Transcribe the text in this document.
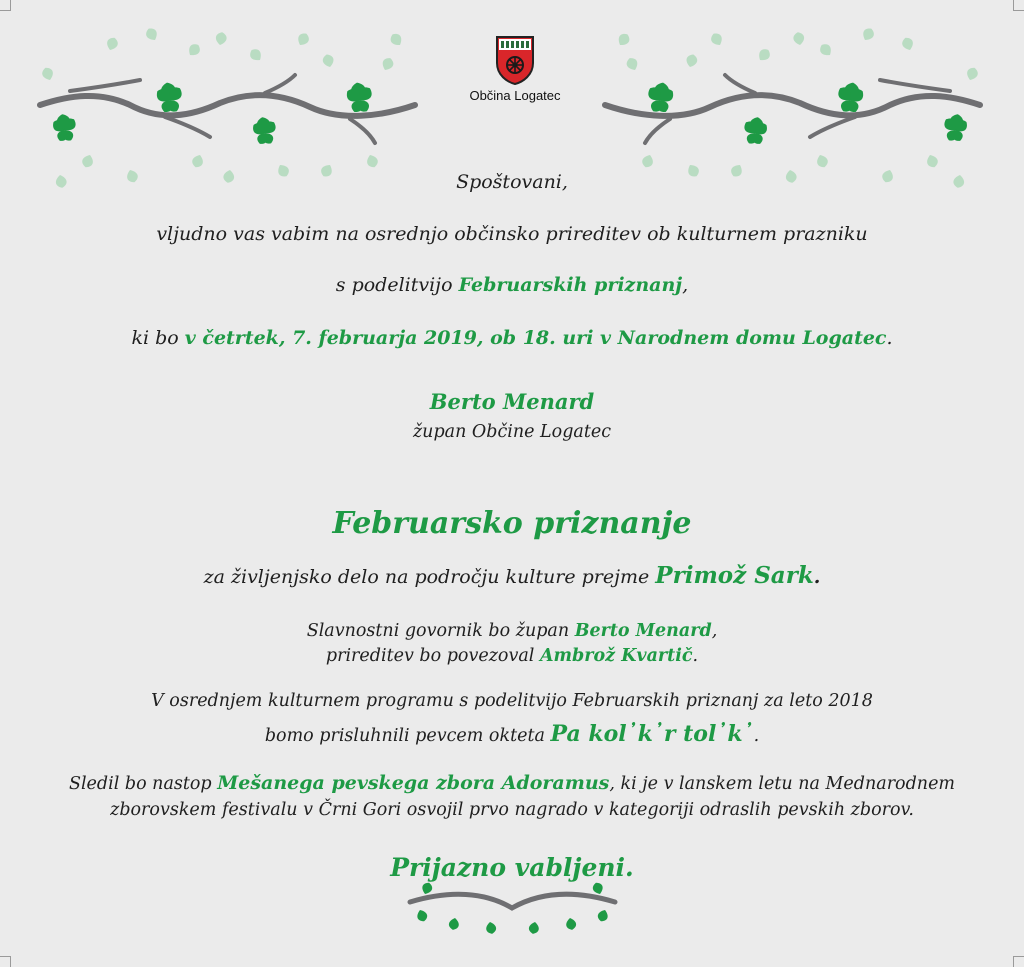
Občina Logatec
Spoštovani,
vljudno vas vabim na osrednjo občinsko prireditev ob kulturnem prazniku
s podelitvijo Februarskih priznanj,
ki bo v četrtek, 7. februarja 2019, ob 18. uri v Narodnem domu Logatec.
Berto Menard
župan Občine Logatec
Februarsko priznanje
za življenjsko delo na področju kulture prejme Primož Sark.
Slavnostni govornik bo župan Berto Menard,
prireditev bo povezoval Ambrož Kvartič.
V osrednjem kulturnem programu s podelitvijo Februarskih priznanj za leto 2018
bomo prisluhnili pevcem okteta Pa kol᾿k᾿r tol᾿k᾿.
Sledil bo nastop Mešanega pevskega zbora Adoramus, ki je v lanskem letu na Mednarodnem
zborovskem festivalu v Črni Gori osvojil prvo nagrado v kategoriji odraslih pevskih zborov.
Prijazno vabljeni.
